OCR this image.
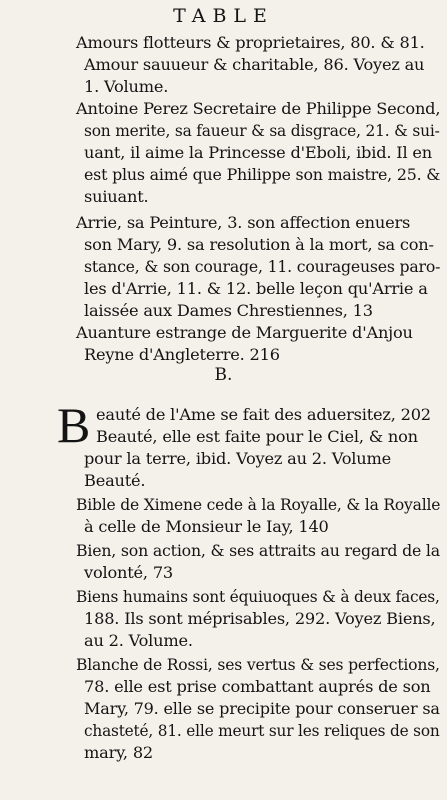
TABLE
Amours flotteurs & proprietaires, 80. & 81.
Amour sauueur & charitable, 86. Voyez au
1. Volume.
Antoine Perez Secretaire de Philippe Second,
son merite, sa faueur & sa disgrace, 21. & sui-
uant, il aime la Princesse d'Eboli, ibid. Il en
est plus aimé que Philippe son maistre, 25. &
suiuant.
Arrie, sa Peinture, 3. son affection enuers
son Mary, 9. sa resolution à la mort, sa con-
stance, & son courage, 11. courageuses paro-
les d'Arrie, 11. & 12. belle leçon qu'Arrie a
laissée aux Dames Chrestiennes, 13
Auanture estrange de Marguerite d'Anjou
Reyne d'Angleterre. 216
B.
B eauté de l'Ame se fait des aduersitez, 202
Beauté, elle est faite pour le Ciel, & non
pour la terre, ibid. Voyez au 2. Volume
Beauté.
Bible de Ximene cede à la Royalle, & la Royalle
à celle de Monsieur le Iay, 140
Bien, son action, & ses attraits au regard de la
volonté, 73
Biens humains sont équiuoques & à deux faces,
188. Ils sont méprisables, 292. Voyez Biens,
au 2. Volume.
Blanche de Rossi, ses vertus & ses perfections,
78. elle est prise combattant auprés de son
Mary, 79. elle se precipite pour conseruer sa
chasteté, 81. elle meurt sur les reliques de son
mary, 82
